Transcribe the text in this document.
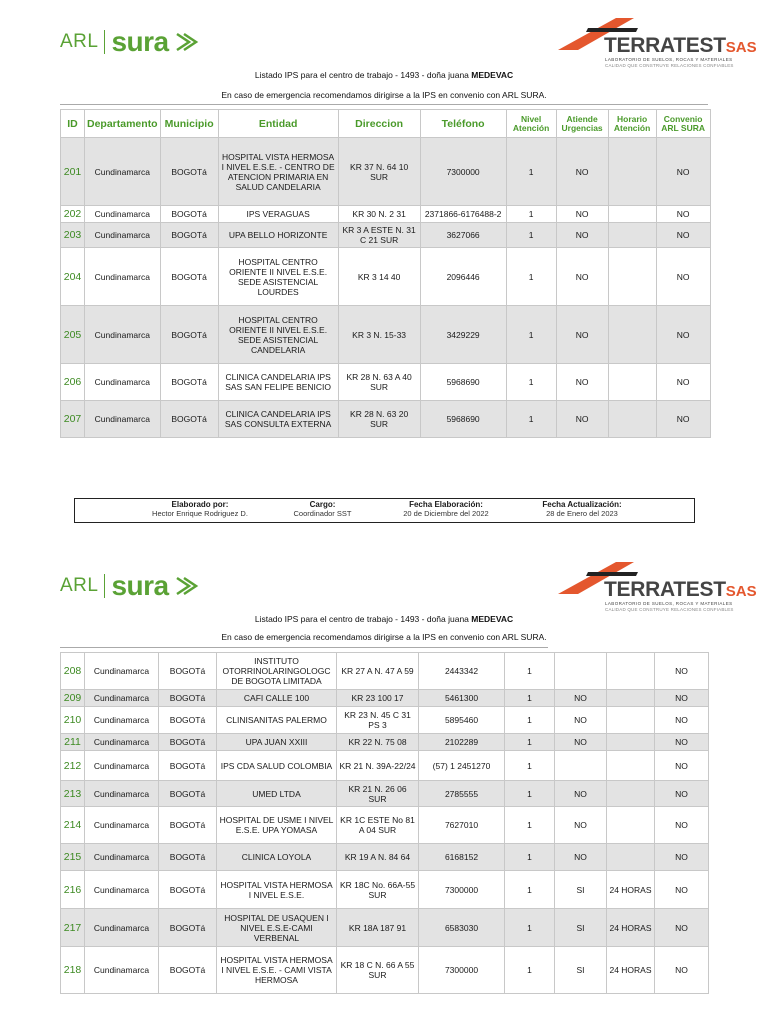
ARL sura	TERRATESTSAS
LABORATORIO DE SUELOS, ROCAS Y MATERIALES
CALIDAD QUE CONSTRUYE RELACIONES CONFIABLES
Listado IPS para el centro de trabajo - 1493 - doña juana MEDEVAC
En caso de emergencia recomendamos dirigirse a la IPS en convenio con ARL SURA.
ID	Departamento	Municipio	Entidad	Direccion	Teléfono	Nivel Atención	Atiende Urgencias	Horario Atención	Convenio ARL SURA
201	Cundinamarca	BOGOTá	HOSPITAL VISTA HERMOSA I NIVEL E.S.E. - CENTRO DE ATENCION PRIMARIA EN SALUD CANDELARIA	KR 37 N. 64 10 SUR	7300000	1	NO		NO
202	Cundinamarca	BOGOTá	IPS VERAGUAS	KR 30 N. 2 31	2371866-6176488-2	1	NO		NO
203	Cundinamarca	BOGOTá	UPA BELLO HORIZONTE	KR 3 A ESTE N. 31 C 21 SUR	3627066	1	NO		NO
204	Cundinamarca	BOGOTá	HOSPITAL CENTRO ORIENTE II NIVEL E.S.E. SEDE ASISTENCIAL LOURDES	KR 3 14 40	2096446	1	NO		NO
205	Cundinamarca	BOGOTá	HOSPITAL CENTRO ORIENTE II NIVEL E.S.E. SEDE ASISTENCIAL CANDELARIA	KR 3 N. 15-33	3429229	1	NO		NO
206	Cundinamarca	BOGOTá	CLINICA CANDELARIA IPS SAS SAN FELIPE BENICIO	KR 28 N. 63 A 40 SUR	5968690	1	NO		NO
207	Cundinamarca	BOGOTá	CLINICA CANDELARIA IPS SAS CONSULTA EXTERNA	KR 28 N. 63 20 SUR	5968690	1	NO		NO
Elaborado por:
Hector Enrique Rodriguez D.
Cargo:
Coordinador SST
Fecha Elaboración:
20 de Diciembre del 2022
Fecha Actualización:
28 de Enero del 2023
ARL sura	TERRATESTSAS
LABORATORIO DE SUELOS, ROCAS Y MATERIALES
CALIDAD QUE CONSTRUYE RELACIONES CONFIABLES
Listado IPS para el centro de trabajo - 1493 - doña juana MEDEVAC
En caso de emergencia recomendamos dirigirse a la IPS en convenio con ARL SURA.
208	Cundinamarca	BOGOTá	INSTITUTO OTORRINOLARINGOLOGC DE BOGOTA LIMITADA	KR 27 A N. 47 A 59	2443342	1			NO
209	Cundinamarca	BOGOTá	CAFI CALLE 100	KR 23 100 17	5461300	1	NO		NO
210	Cundinamarca	BOGOTá	CLINISANITAS PALERMO	KR 23 N. 45 C 31 PS 3	5895460	1	NO		NO
211	Cundinamarca	BOGOTá	UPA JUAN XXIII	KR 22 N. 75 08	2102289	1	NO		NO
212	Cundinamarca	BOGOTá	IPS CDA SALUD COLOMBIA	KR 21 N. 39A-22/24	(57) 1 2451270	1			NO
213	Cundinamarca	BOGOTá	UMED LTDA	KR 21 N. 26 06 SUR	2785555	1	NO		NO
214	Cundinamarca	BOGOTá	HOSPITAL DE USME I NIVEL E.S.E. UPA YOMASA	KR 1C ESTE No 81 A 04 SUR	7627010	1	NO		NO
215	Cundinamarca	BOGOTá	CLINICA LOYOLA	KR 19 A N. 84 64	6168152	1	NO		NO
216	Cundinamarca	BOGOTá	HOSPITAL VISTA HERMOSA I NIVEL E.S.E.	KR 18C No. 66A-55 SUR	7300000	1	SI	24 HORAS	NO
217	Cundinamarca	BOGOTá	HOSPITAL DE USAQUEN I NIVEL E.S.E-CAMI VERBENAL	KR 18A 187 91	6583030	1	SI	24 HORAS	NO
218	Cundinamarca	BOGOTá	HOSPITAL VISTA HERMOSA I NIVEL E.S.E. - CAMI VISTA HERMOSA	KR 18 C N. 66 A 55 SUR	7300000	1	SI	24 HORAS	NO
